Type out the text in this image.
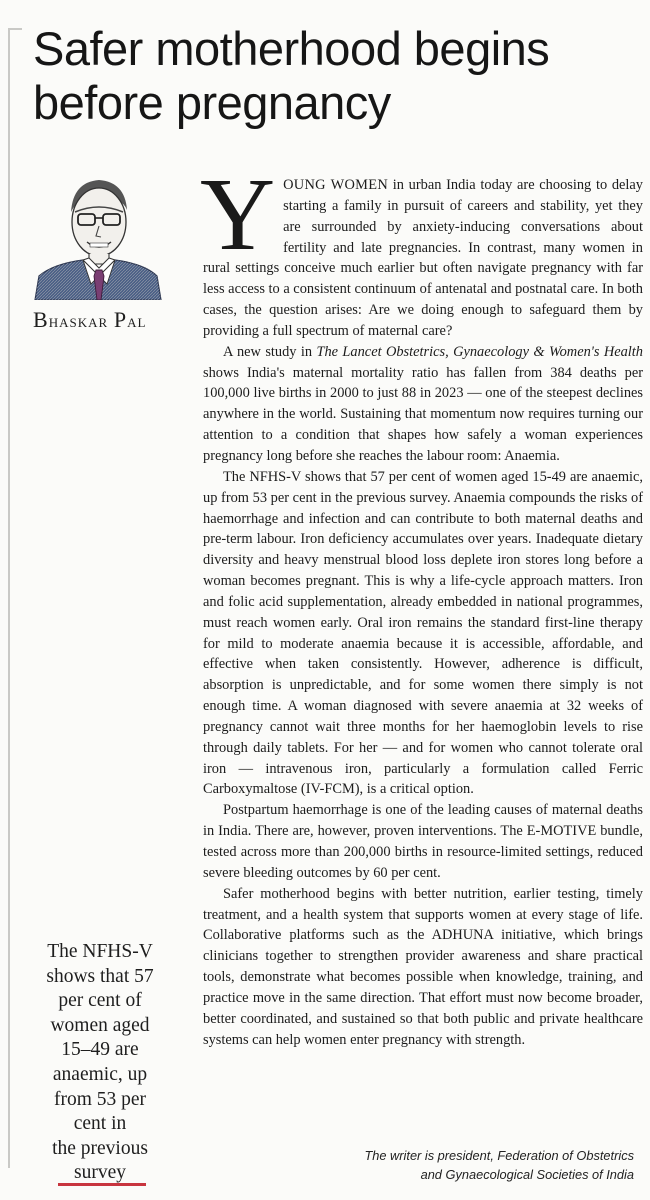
Safer motherhood begins
before pregnancy
Bhaskar Pal
The NFHS-V
shows that 57
per cent of
women aged
15–49 are
anaemic, up
from 53 per
cent in
the previous
survey

YOUNG WOMEN in urban India today are choosing to delay starting a family in pursuit of careers and stability, yet they are surrounded by anxiety-inducing conversations about fertility and late pregnancies. In contrast, many women in rural settings conceive much earlier but often navigate pregnancy with far less access to a consistent continuum of antenatal and postnatal care. In both cases, the question arises: Are we doing enough to safeguard them by providing a full spectrum of maternal care?

A new study in The Lancet Obstetrics, Gynaecology & Women's Health shows India's maternal mortality ratio has fallen from 384 deaths per 100,000 live births in 2000 to just 88 in 2023 — one of the steepest declines anywhere in the world. Sustaining that momentum now requires turning our attention to a condition that shapes how safely a woman experiences pregnancy long before she reaches the labour room: Anaemia.

The NFHS-V shows that 57 per cent of women aged 15-49 are anaemic, up from 53 per cent in the previous survey. Anaemia compounds the risks of haemorrhage and infection and can contribute to both maternal deaths and pre-term labour. Iron deficiency accumulates over years. Inadequate dietary diversity and heavy menstrual blood loss deplete iron stores long before a woman becomes pregnant. This is why a life-cycle approach matters. Iron and folic acid supplementation, already embedded in national programmes, must reach women early. Oral iron remains the standard first-line therapy for mild to moderate anaemia because it is accessible, affordable, and effective when taken consistently. However, adherence is difficult, absorption is unpredictable, and for some women there simply is not enough time. A woman diagnosed with severe anaemia at 32 weeks of pregnancy cannot wait three months for her haemoglobin levels to rise through daily tablets. For her — and for women who cannot tolerate oral iron — intravenous iron, particularly a formulation called Ferric Carboxymaltose (IV-FCM), is a critical option.

Postpartum haemorrhage is one of the leading causes of maternal deaths in India. There are, however, proven interventions. The E-MOTIVE bundle, tested across more than 200,000 births in resource-limited settings, reduced severe bleeding outcomes by 60 per cent.

Safer motherhood begins with better nutrition, earlier testing, timely treatment, and a health system that supports women at every stage of life. Collaborative platforms such as the ADHUNA initiative, which brings clinicians together to strengthen provider awareness and share practical tools, demonstrate what becomes possible when knowledge, training, and practice move in the same direction. That effort must now become broader, better coordinated, and sustained so that both public and private healthcare systems can help women enter pregnancy with strength.

The writer is president, Federation of Obstetrics
and Gynaecological Societies of India
